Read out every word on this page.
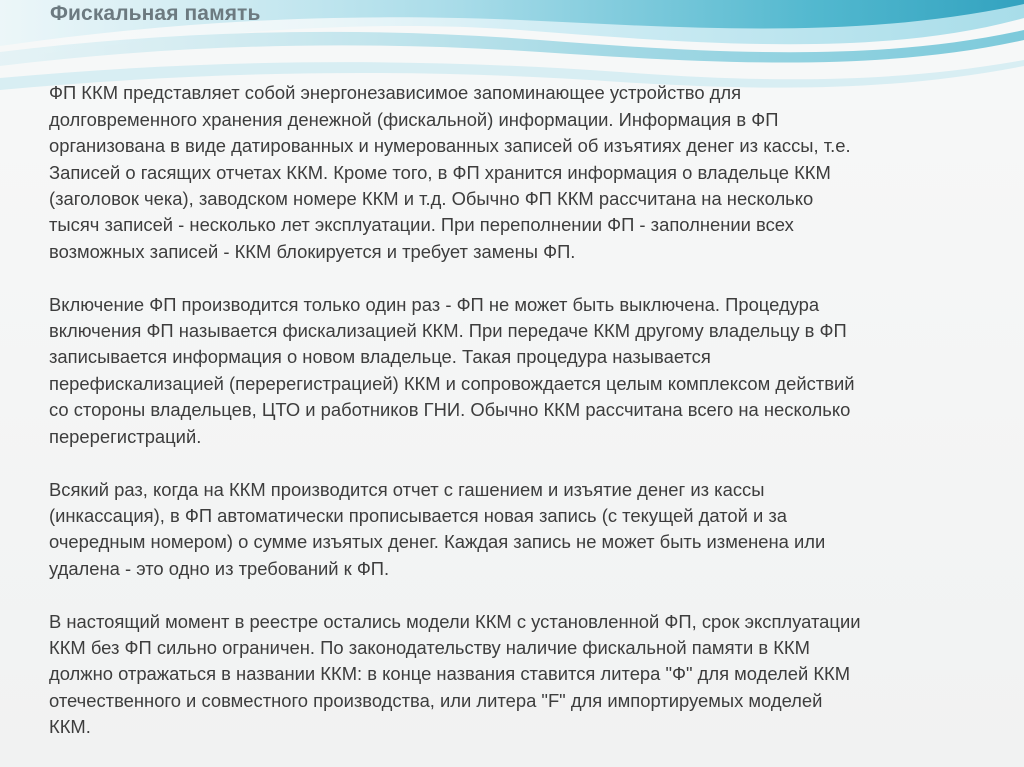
Фискальная память

ФП ККМ представляет собой энергонезависимое запоминающее устройство для
долговременного хранения денежной (фискальной) информации. Информация в ФП
организована в виде датированных и нумерованных записей об изъятиях денег из кассы, т.е.
Записей о гасящих отчетах ККМ. Кроме того, в ФП хранится информация о владельце ККМ
(заголовок чека), заводском номере ККМ и т.д. Обычно ФП ККМ рассчитана на несколько
тысяч записей - несколько лет эксплуатации. При переполнении ФП - заполнении всех
возможных записей - ККМ блокируется и требует замены ФП.

Включение ФП производится только один раз - ФП не может быть выключена. Процедура
включения ФП называется фискализацией ККМ. При передаче ККМ другому владельцу в ФП
записывается информация о новом владельце. Такая процедура называется
перефискализацией (перерегистрацией) ККМ и сопровождается целым комплексом действий
со стороны владельцев, ЦТО и работников ГНИ. Обычно ККМ рассчитана всего на несколько
перерегистраций.

Всякий раз, когда на ККМ производится отчет с гашением и изъятие денег из кассы
(инкассация), в ФП автоматически прописывается новая запись (с текущей датой и за
очередным номером) о сумме изъятых денег. Каждая запись не может быть изменена или
удалена - это одно из требований к ФП.

В настоящий момент в реестре остались модели ККМ с установленной ФП, срок эксплуатации
ККМ без ФП сильно ограничен. По законодательству наличие фискальной памяти в ККМ
должно отражаться в названии ККМ: в конце названия ставится литера "Ф" для моделей ККМ
отечественного и совместного производства, или литера "F" для импортируемых моделей
ККМ.
